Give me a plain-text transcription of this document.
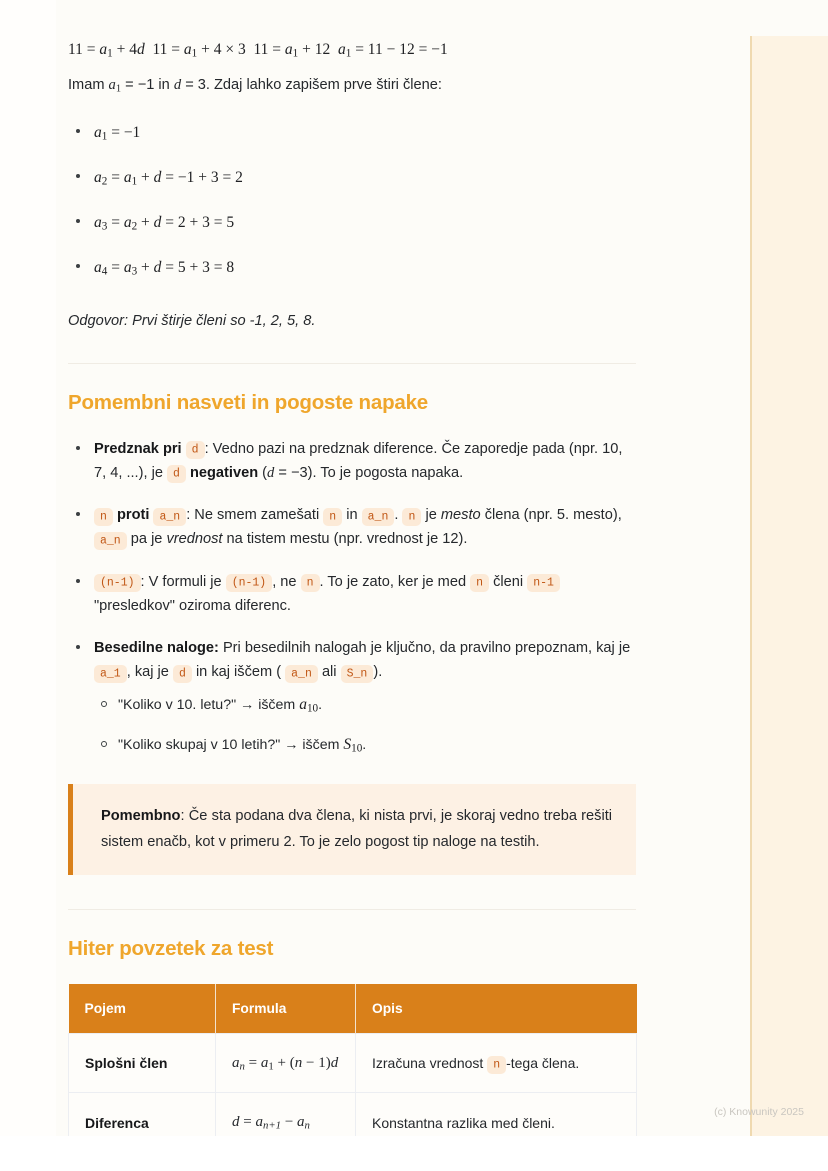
$11 = a_1 + 4d$  $11 = a_1 + 4 \times 3$  $11 = a_1 + 12$  $a_1 = 11 - 12 = -1$

Imam $a_1 = -1$ in d = 3. Zdaj lahko zapišem prve štiri člene:

$a_1 = -1$
$a_2 = a_1 + d = -1 + 3 = 2$
$a_3 = a_2 + d = 2 + 3 = 5$
$a_4 = a_3 + d = 5 + 3 = 8$
Odgovor: Prvi štirje členi so -1, 2, 5, 8.
Pomembni nasveti in pogoste napake
Predznak pri d : Vedno pazi na predznak diference. Če zaporedje pada (npr. 10, 7, 4, ...), je d negativen (d = −3). To je pogosta napaka.
n proti a_n : Ne smem zamešati n in a_n . n je mesto člena (npr. 5. mesto), a_n pa je vrednost na tistem mestu (npr. vrednost je 12).
(n-1) : V formuli je (n-1) , ne n . To je zato, ker je med n členi n-1 "presledkov" oziroma diferenc.
Besedilne naloge: Pri besedilnih nalogah je ključno, da pravilno prepoznam, kaj je a_1 , kaj je d in kaj iščem ( a_n ali S_n ).
"Koliko v 10. letu?" → iščem $a_{10}$.
"Koliko skupaj v 10 letih?" → iščem $S_{10}$.
Pomembno: Če sta podana dva člena, ki nista prvi, je skoraj vedno treba rešiti sistem enačb, kot v primeru 2. To je zelo pogost tip naloge na testih.
Hiter povzetek za test
Pojem	Formula	Opis
Splošni člen	$a_n = a_1 + (n - 1)d$	Izračuna vrednost n -tega člena.
Diferenca	$d = a_{n+1} - a_n$	Konstantna razlika med členi.

(c) Knowunity 2025
